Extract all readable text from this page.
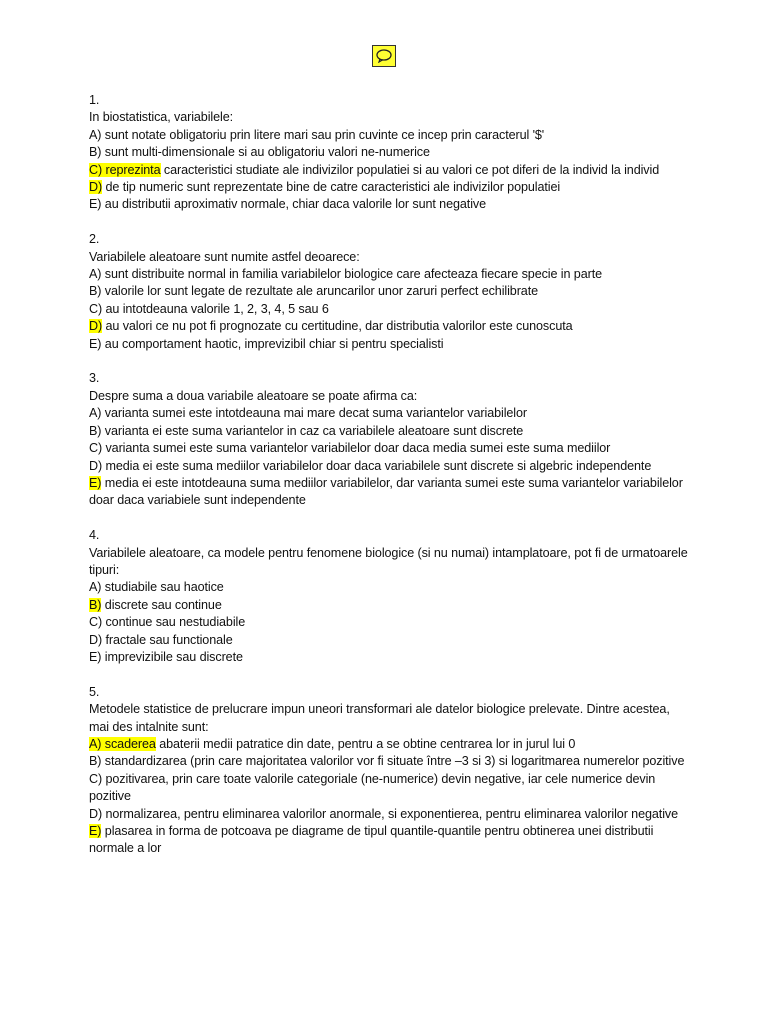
1.
In biostatistica, variabilele:
A) sunt notate obligatoriu prin litere mari sau prin cuvinte ce incep prin caracterul '$'
B) sunt multi-dimensionale si au obligatoriu valori ne-numerice
C) reprezinta caracteristici studiate ale indivizilor populatiei si au valori ce pot diferi de la individ la individ
D) de tip numeric sunt reprezentate bine de catre caracteristici ale indivizilor populatiei
E) au distributii aproximativ normale, chiar daca valorile lor sunt negative
2.
Variabilele aleatoare sunt numite astfel deoarece:
A) sunt distribuite normal in familia variabilelor biologice care afecteaza fiecare specie in parte
B) valorile lor sunt legate de rezultate ale aruncarilor unor zaruri perfect echilibrate
C) au intotdeauna valorile 1, 2, 3, 4, 5 sau 6
D) au valori ce nu pot fi prognozate cu certitudine, dar distributia valorilor este cunoscuta
E) au comportament haotic, imprevizibil chiar si pentru specialisti
3.
Despre suma a doua variabile aleatoare se poate afirma ca:
A) varianta sumei este intotdeauna mai mare decat suma variantelor variabilelor
B) varianta ei este suma variantelor in caz ca variabilele aleatoare sunt discrete
C) varianta sumei este suma variantelor variabilelor doar daca media sumei este suma mediilor
D) media ei este suma mediilor variabilelor doar daca variabilele sunt discrete si algebric independente
E) media ei este intotdeauna suma mediilor variabilelor, dar varianta sumei este suma variantelor variabilelor doar daca variabiele sunt independente
4.
Variabilele aleatoare, ca modele pentru fenomene biologice (si nu numai) intamplatoare, pot fi de urmatoarele tipuri:
A) studiabile sau haotice
B) discrete sau continue
C) continue sau nestudiabile
D) fractale sau functionale
E) imprevizibile sau discrete
5.
Metodele statistice de prelucrare impun uneori transformari ale datelor biologice prelevate. Dintre acestea, mai des intalnite sunt:
A) scaderea abaterii medii patratice din date, pentru a se obtine centrarea lor in jurul lui 0
B) standardizarea (prin care majoritatea valorilor vor fi situate între –3 si 3) si logaritmarea numerelor pozitive
C) pozitivarea, prin care toate valorile categoriale (ne-numerice) devin negative, iar cele numerice devin pozitive
D) normalizarea, pentru eliminarea valorilor anormale, si exponentierea, pentru eliminarea valorilor negative
E) plasarea in forma de potcoava pe diagrame de tipul quantile-quantile pentru obtinerea unei distributii normale a lor
